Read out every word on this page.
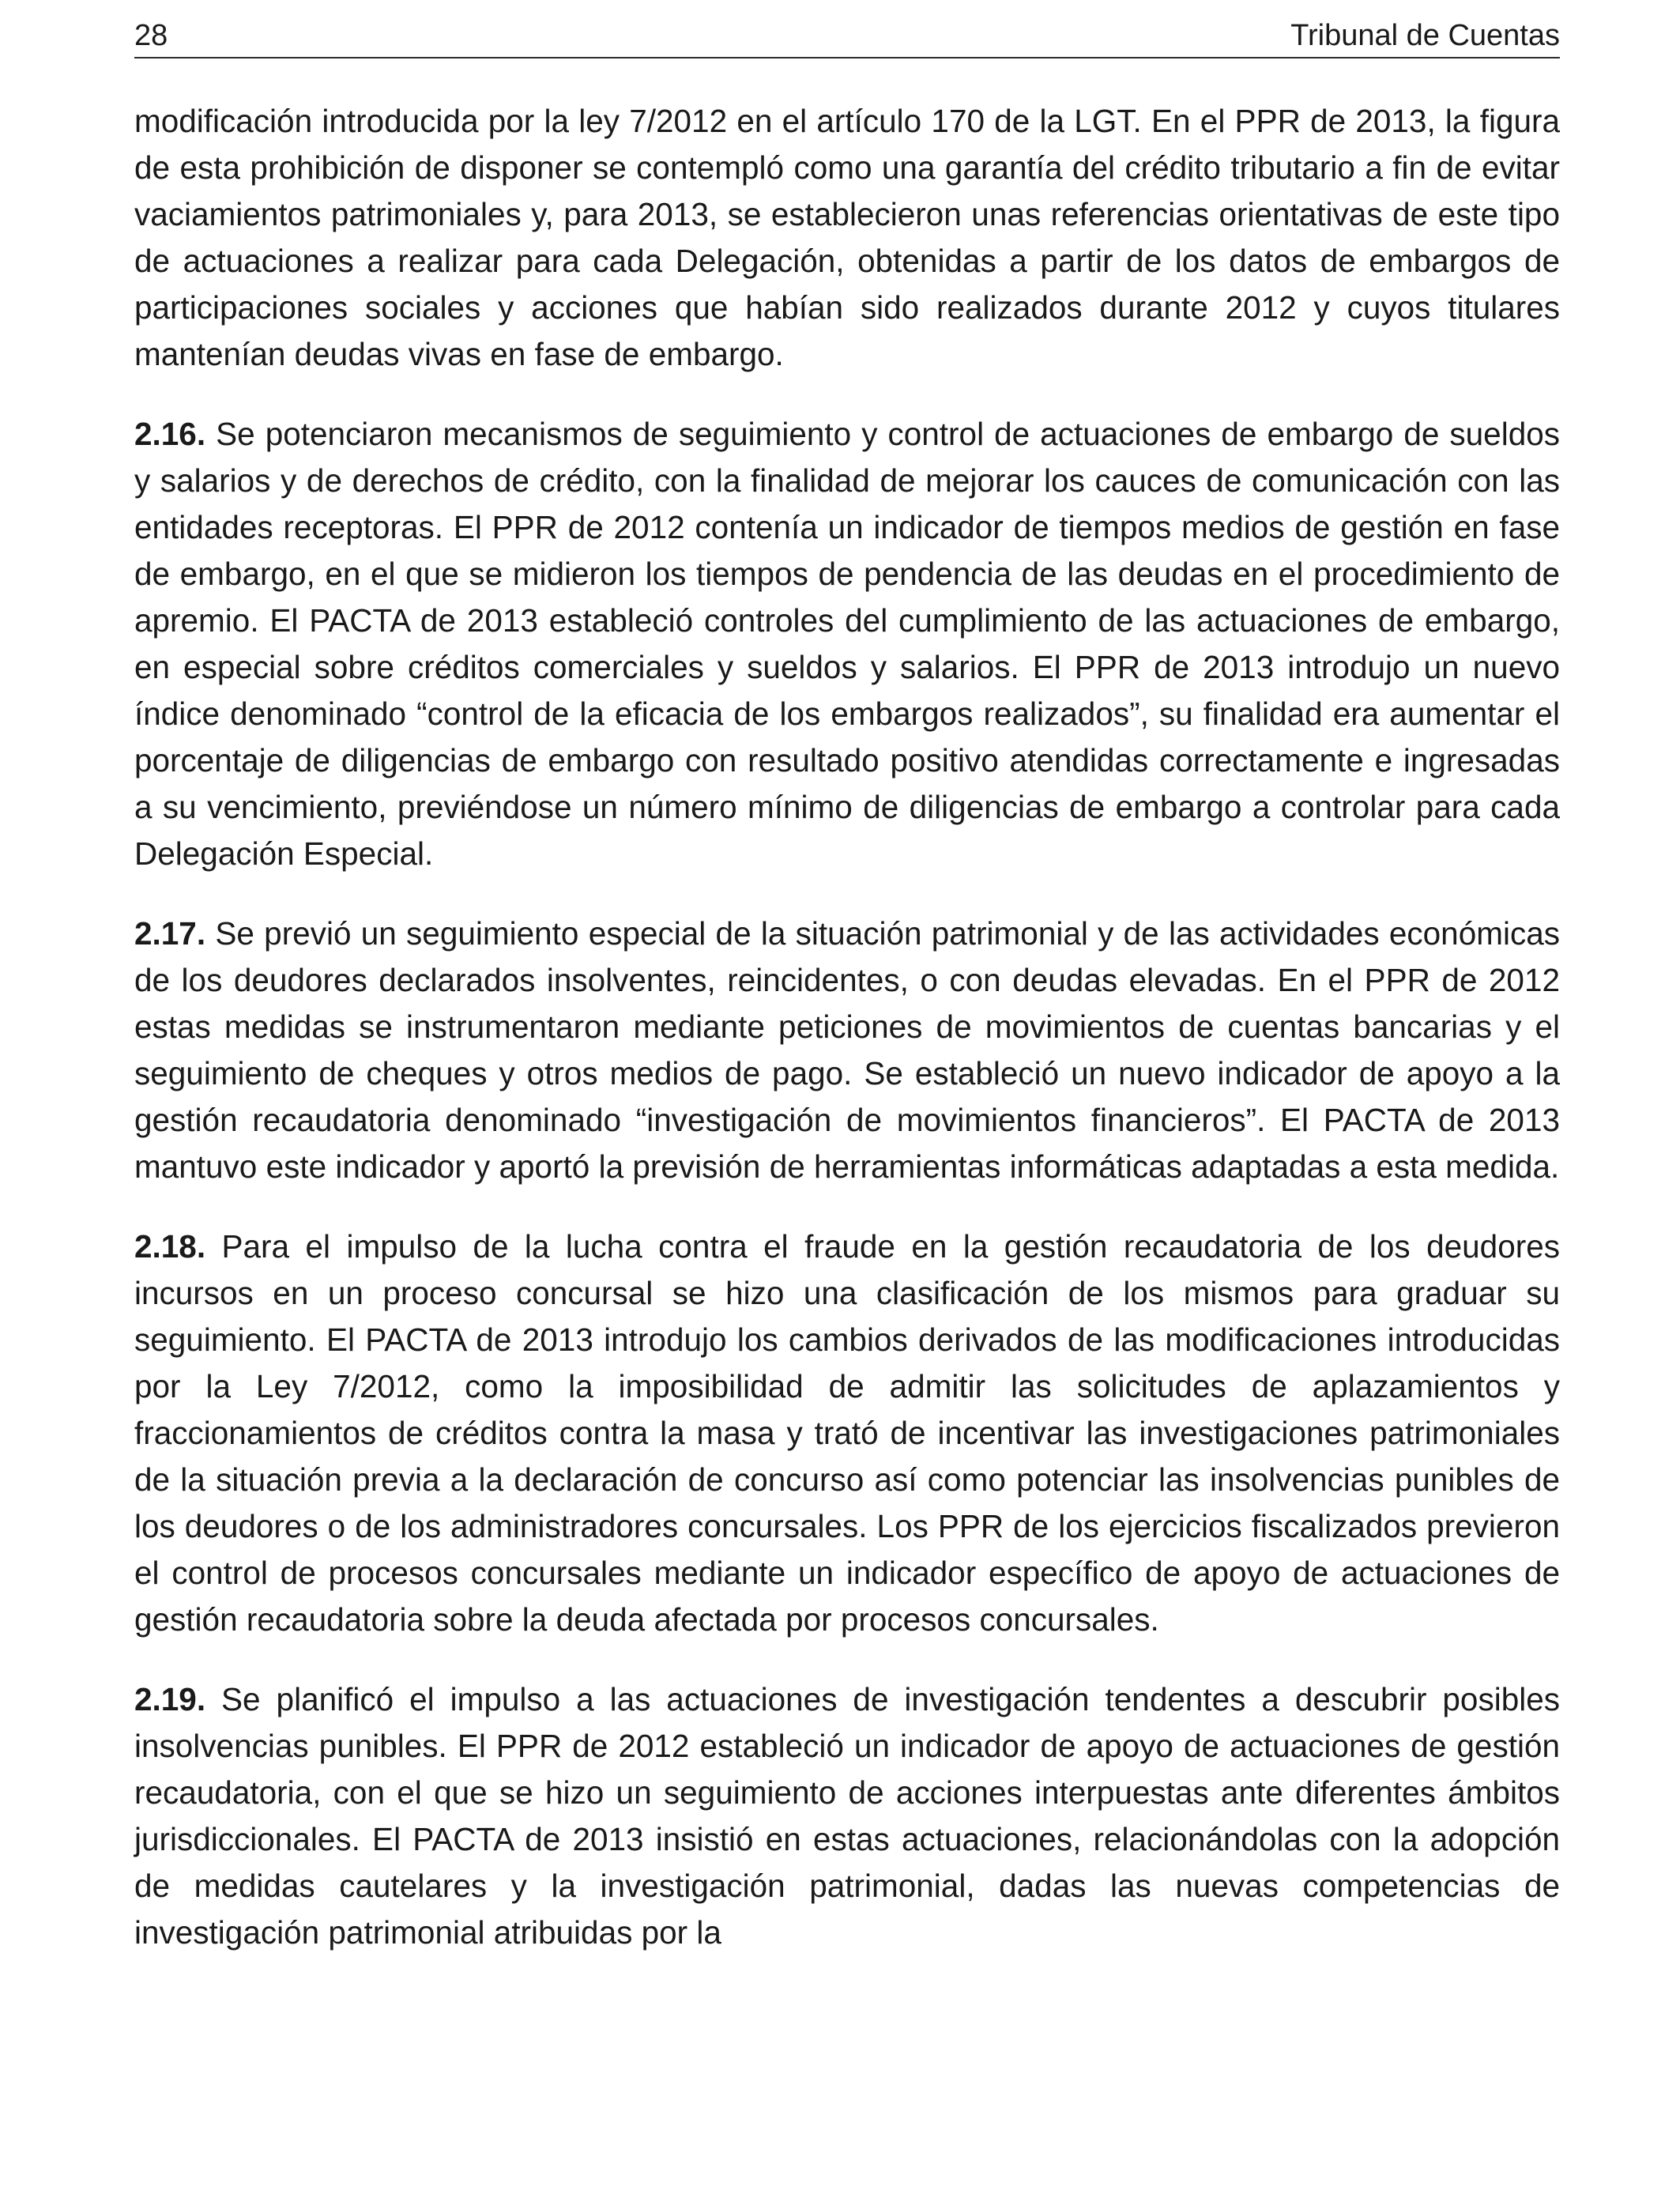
28	Tribunal de Cuentas

modificación introducida por la ley 7/2012 en el artículo 170 de la LGT. En el PPR de 2013, la figura de esta prohibición de disponer se contempló como una garantía del crédito tributario a fin de evitar vaciamientos patrimoniales y, para 2013, se establecieron unas referencias orientativas de este tipo de actuaciones a realizar para cada Delegación, obtenidas a partir de los datos de embargos de participaciones sociales y acciones que habían sido realizados durante 2012 y cuyos titulares mantenían deudas vivas en fase de embargo.

2.16. Se potenciaron mecanismos de seguimiento y control de actuaciones de embargo de sueldos y salarios y de derechos de crédito, con la finalidad de mejorar los cauces de comunicación con las entidades receptoras. El PPR de 2012 contenía un indicador de tiempos medios de gestión en fase de embargo, en el que se midieron los tiempos de pendencia de las deudas en el procedimiento de apremio. El PACTA de 2013 estableció controles del cumplimiento de las actuaciones de embargo, en especial sobre créditos comerciales y sueldos y salarios. El PPR de 2013 introdujo un nuevo índice denominado “control de la eficacia de los embargos realizados”, su finalidad era aumentar el porcentaje de diligencias de embargo con resultado positivo atendidas correctamente e ingresadas a su vencimiento, previéndose un número mínimo de diligencias de embargo a controlar para cada Delegación Especial.

2.17. Se previó un seguimiento especial de la situación patrimonial y de las actividades económicas de los deudores declarados insolventes, reincidentes, o con deudas elevadas. En el PPR de 2012 estas medidas se instrumentaron mediante peticiones de movimientos de cuentas bancarias y el seguimiento de cheques y otros medios de pago. Se estableció un nuevo indicador de apoyo a la gestión recaudatoria denominado “investigación de movimientos financieros”. El PACTA de 2013 mantuvo este indicador y aportó la previsión de herramientas informáticas adaptadas a esta medida.

2.18. Para el impulso de la lucha contra el fraude en la gestión recaudatoria de los deudores incursos en un proceso concursal se hizo una clasificación de los mismos para graduar su seguimiento. El PACTA de 2013 introdujo los cambios derivados de las modificaciones introducidas por la Ley 7/2012, como la imposibilidad de admitir las solicitudes de aplazamientos y fraccionamientos de créditos contra la masa y trató de incentivar las investigaciones patrimoniales de la situación previa a la declaración de concurso así como potenciar las insolvencias punibles de los deudores o de los administradores concursales. Los PPR de los ejercicios fiscalizados previeron el control de procesos concursales mediante un indicador específico de apoyo de actuaciones de gestión recaudatoria sobre la deuda afectada por procesos concursales.

2.19. Se planificó el impulso a las actuaciones de investigación tendentes a descubrir posibles insolvencias punibles. El PPR de 2012 estableció un indicador de apoyo de actuaciones de gestión recaudatoria, con el que se hizo un seguimiento de acciones interpuestas ante diferentes ámbitos jurisdiccionales. El PACTA de 2013 insistió en estas actuaciones, relacionándolas con la adopción de medidas cautelares y la investigación patrimonial, dadas las nuevas competencias de investigación patrimonial atribuidas por la
